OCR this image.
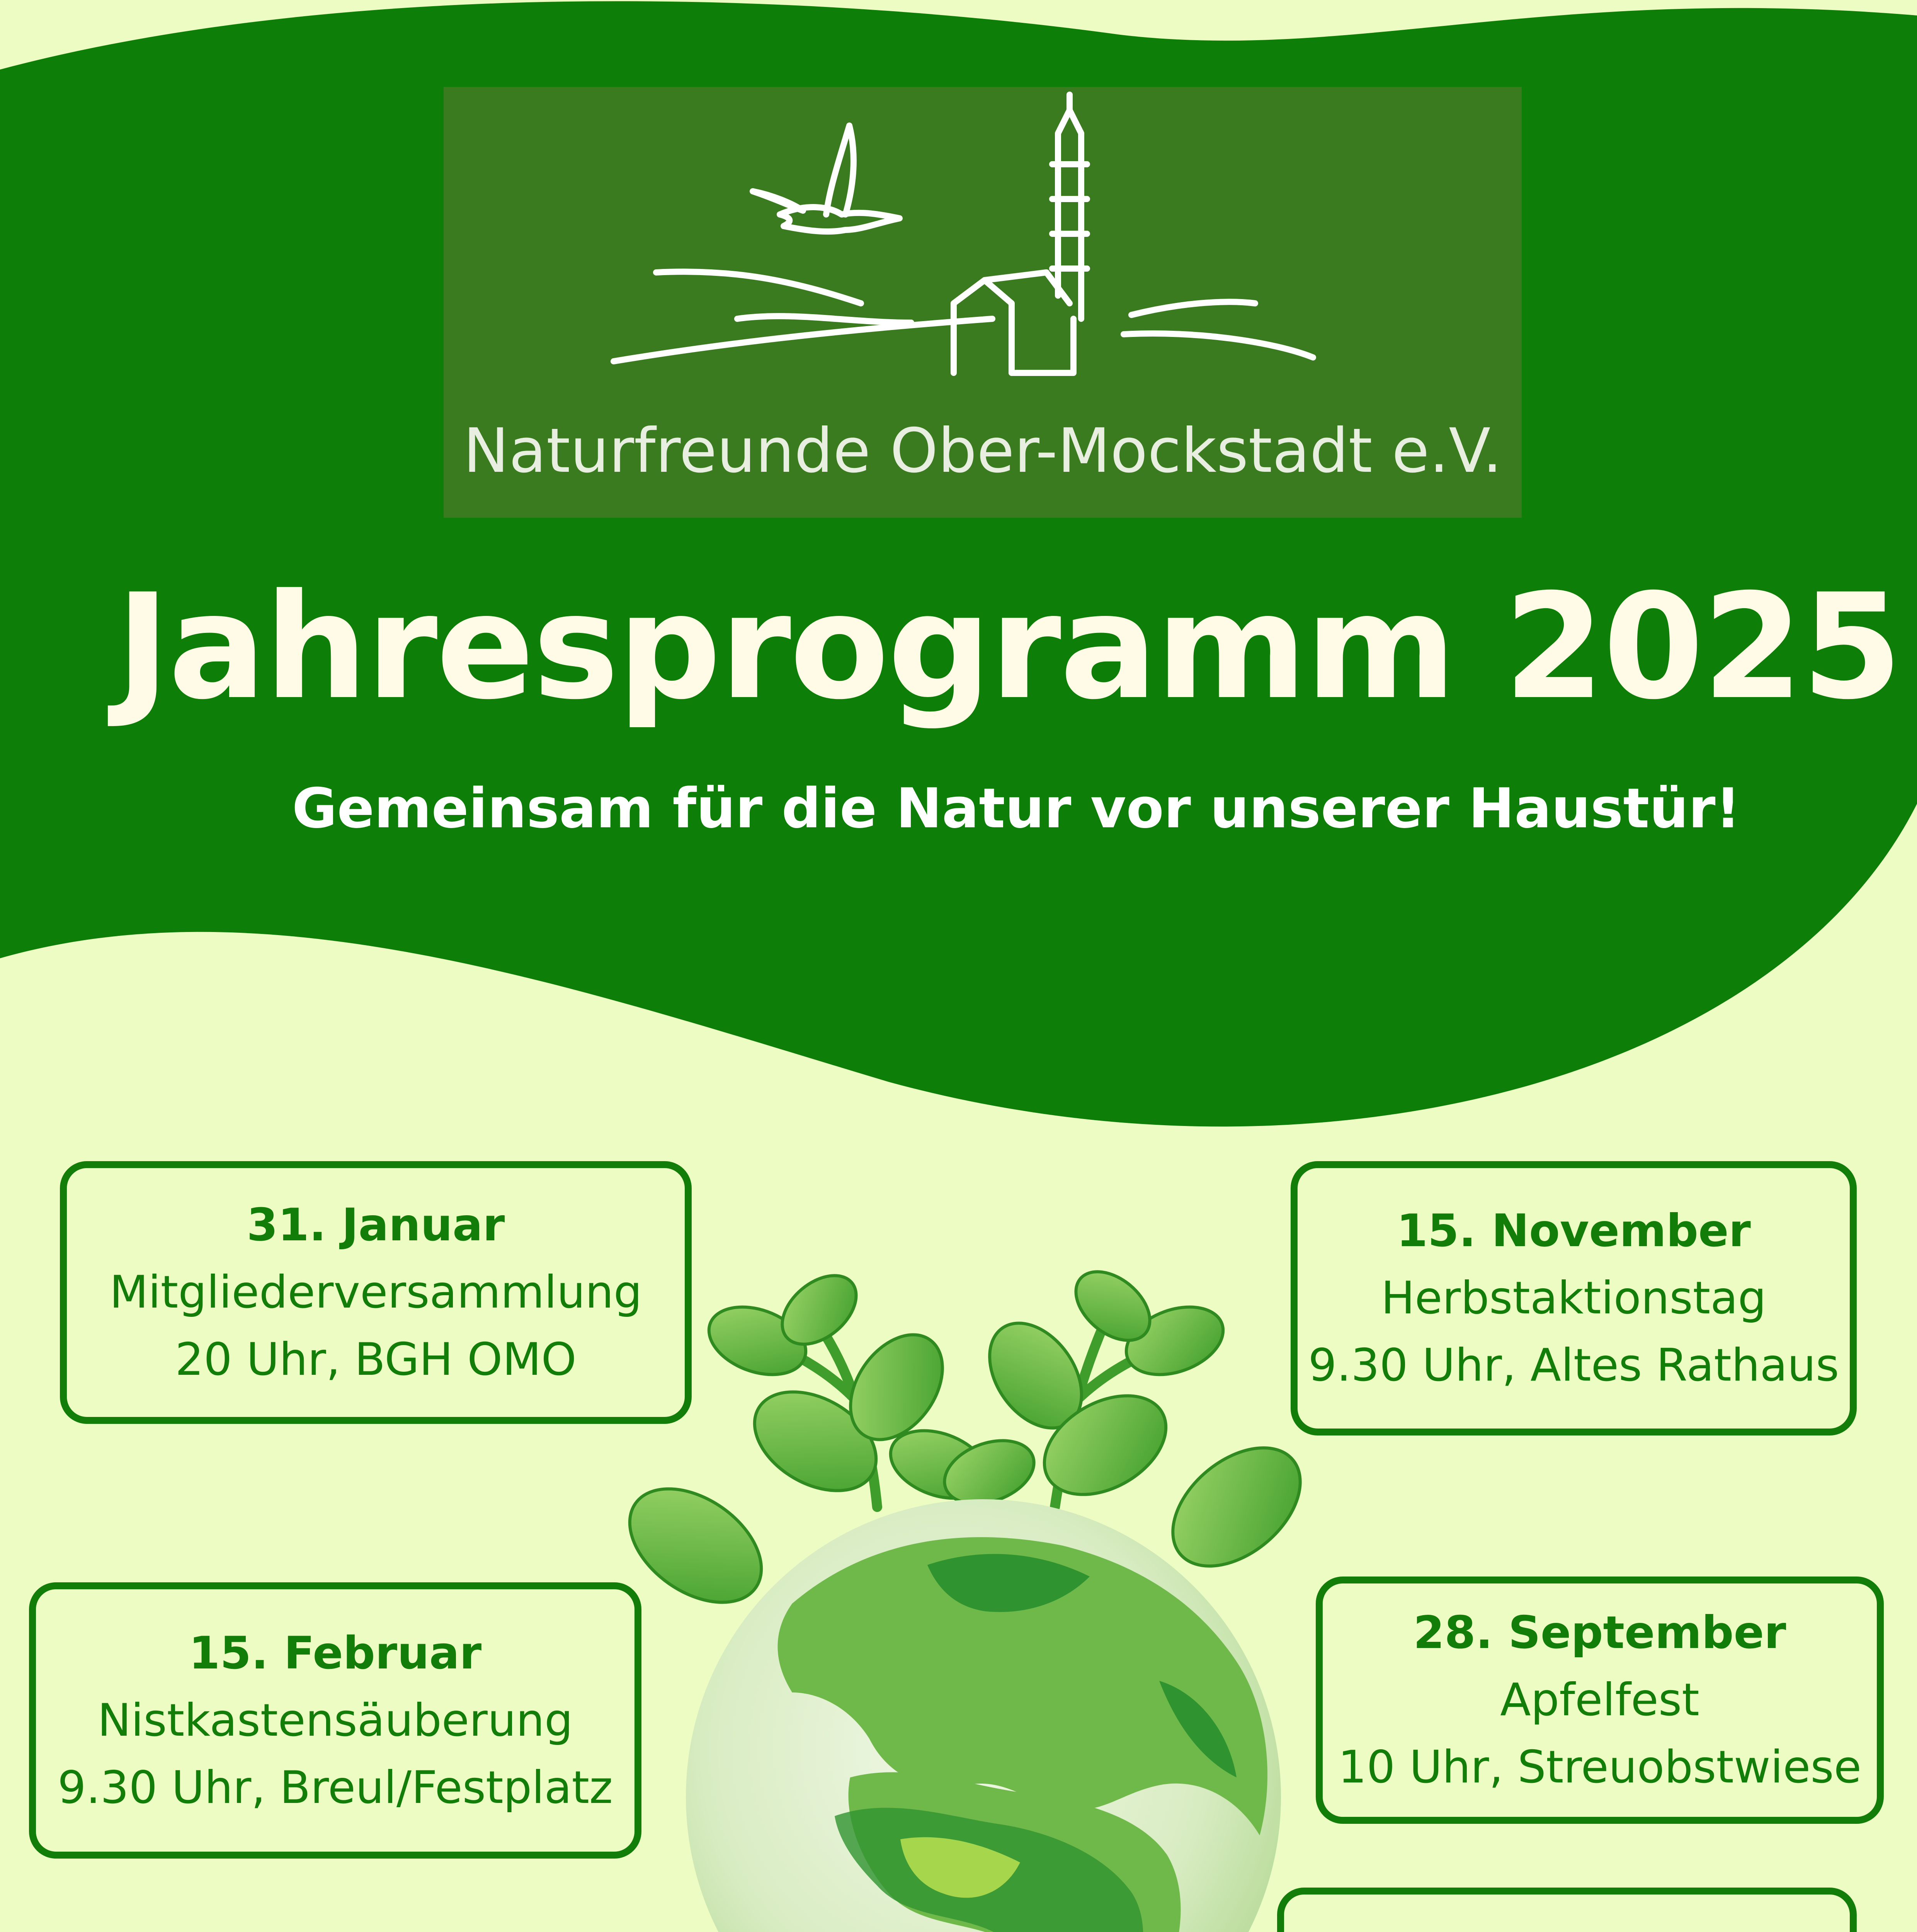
Naturfreunde Ober-Mockstadt e.V.
Jahresprogramm 2025
Gemeinsam für die Natur vor unserer Haustür!
31. Januar
Mitgliederversammlung
20 Uhr, BGH OMO
15. Februar
Nistkastensäuberung
9.30 Uhr, Breul/Festplatz
28. September
Apfelfest
10 Uhr, Streuobstwiese
15. November
Herbstaktionstag
9.30 Uhr, Altes Rathaus
